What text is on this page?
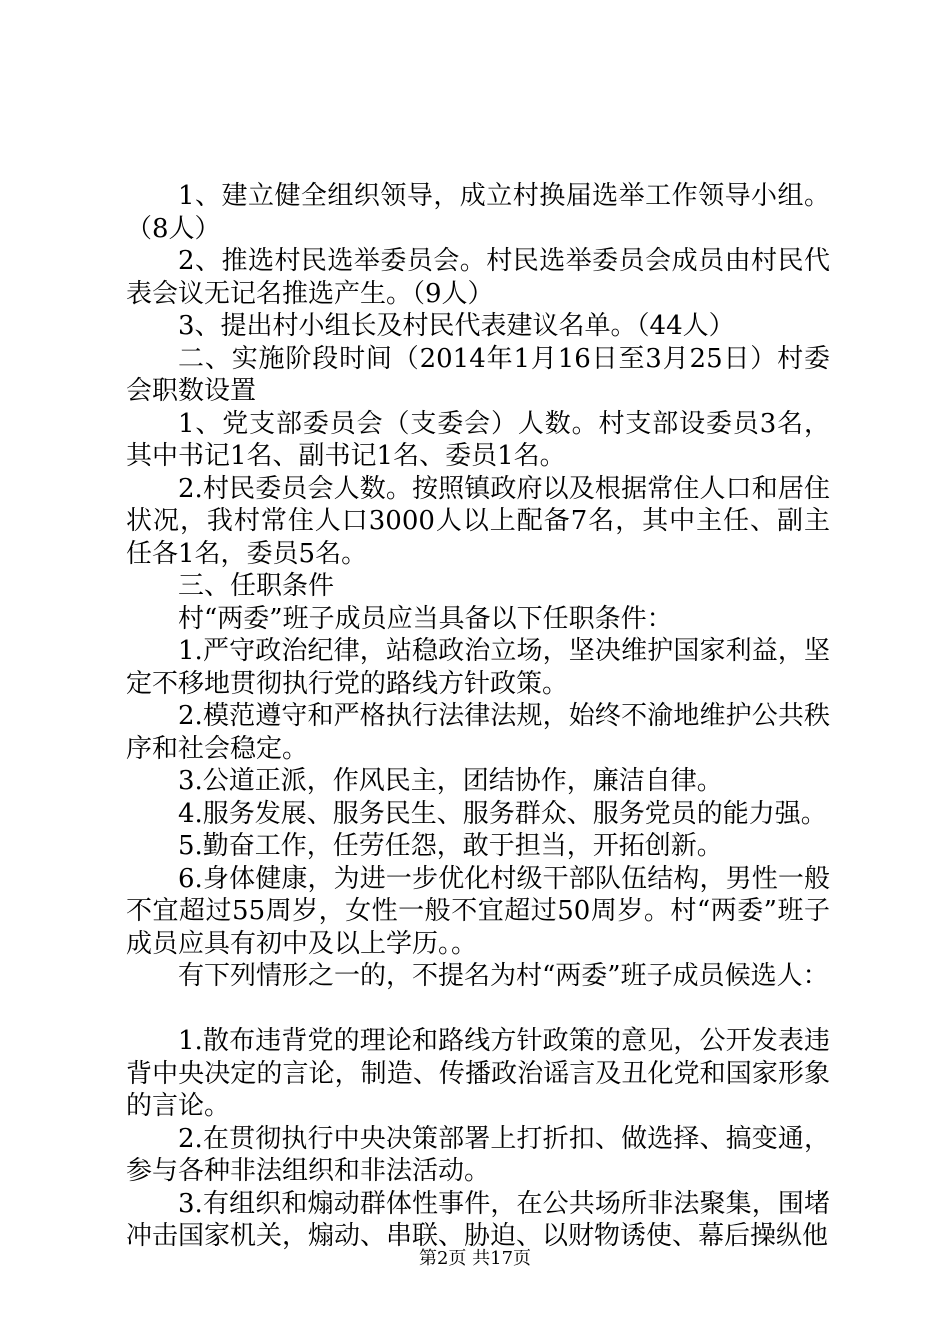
1、建立健全组织领导，成立村换届选举工作领导小组。（8人）

2、推选村民选举委员会。村民选举委员会成员由村民代表会议无记名推选产生。（9人）

3、提出村小组长及村民代表建议名单。（44人）

二、实施阶段时间（2014年1月16日至3月25日）村委会职数设置

1、党支部委员会（支委会）人数。村支部设委员3名，其中书记1名、副书记1名、委员1名。

2.村民委员会人数。按照镇政府以及根据常住人口和居住状况，我村常住人口3000人以上配备7名，其中主任、副主任各1名，委员5名。

三、任职条件

村“两委”班子成员应当具备以下任职条件：

1.严守政治纪律，站稳政治立场，坚决维护国家利益，坚定不移地贯彻执行党的路线方针政策。

2.模范遵守和严格执行法律法规，始终不渝地维护公共秩序和社会稳定。

3.公道正派，作风民主，团结协作，廉洁自律。

4.服务发展、服务民生、服务群众、服务党员的能力强。

5.勤奋工作，任劳任怨，敢于担当，开拓创新。

6.身体健康，为进一步优化村级干部队伍结构，男性一般不宜超过55周岁，女性一般不宜超过50周岁。村“两委”班子成员应具有初中及以上学历。。

有下列情形之一的，不提名为村“两委”班子成员候选人：

1.散布违背党的理论和路线方针政策的意见，公开发表违背中央决定的言论，制造、传播政治谣言及丑化党和国家形象的言论。

2.在贯彻执行中央决策部署上打折扣、做选择、搞变通，参与各种非法组织和非法活动。

3.有组织和煽动群体性事件，在公共场所非法聚集，围堵冲击国家机关，煽动、串联、胁迫、以财物诱使、幕后操纵他

第2页 共17页
